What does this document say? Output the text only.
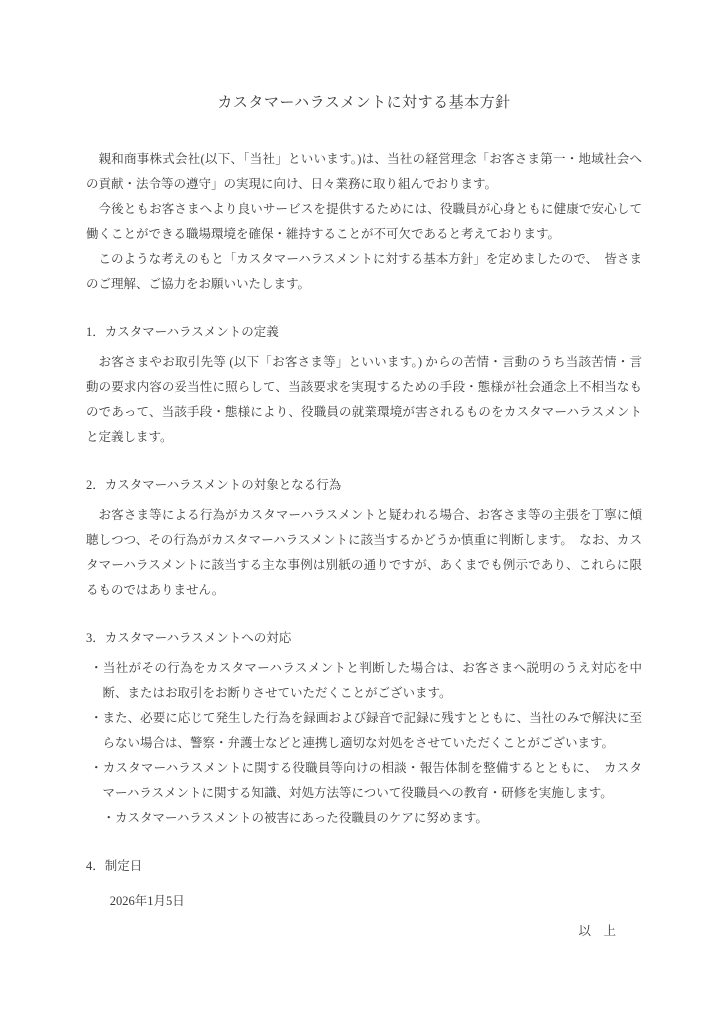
カスタマーハラスメントに対する基本方針

親和商事株式会社(以下、「当社」といいます。)は、当社の経営理念「お客さま第一・地域社会への貢献・法令等の遵守」の実現に向け、日々業務に取り組んでおります。

今後ともお客さまへより良いサービスを提供するためには、役職員が心身ともに健康で安心して働くことができる職場環境を確保・維持することが不可欠であると考えております。

このような考えのもと「カスタマーハラスメントに対する基本方針」を定めましたので、　皆さまのご理解、ご協力をお願いいたします。

1．カスタマーハラスメントの定義

お客さまやお取引先等 (以下「お客さま等」といいます。) からの苦情・言動のうち当該苦情・言動の要求内容の妥当性に照らして、当該要求を実現するための手段・態様が社会通念上不相当なものであって、当該手段・態様により、役職員の就業環境が害されるものをカスタマーハラスメントと定義します。

2．カスタマーハラスメントの対象となる行為

お客さま等による行為がカスタマーハラスメントと疑われる場合、お客さま等の主張を丁寧に傾聴しつつ、その行為がカスタマーハラスメントに該当するかどうか慎重に判断します。　なお、カスタマーハラスメントに該当する主な事例は別紙の通りですが、あくまでも例示であり、これらに限るものではありません。

3．カスタマーハラスメントへの対応
・当社がその行為をカスタマーハラスメントと判断した場合は、お客さまへ説明のうえ対応を中断、またはお取引をお断りさせていただくことがございます。
・また、必要に応じて発生した行為を録画および録音で記録に残すとともに、当社のみで解決に至らない場合は、警察・弁護士などと連携し適切な対処をさせていただくことがございます。
・カスタマーハラスメントに関する役職員等向けの相談・報告体制を整備するとともに、　カスタマーハラスメントに関する知識、対処方法等について役職員への教育・研修を実施します。
　・カスタマーハラスメントの被害にあった役職員のケアに努めます。
4．制定日

2026年1月5日

以　上
